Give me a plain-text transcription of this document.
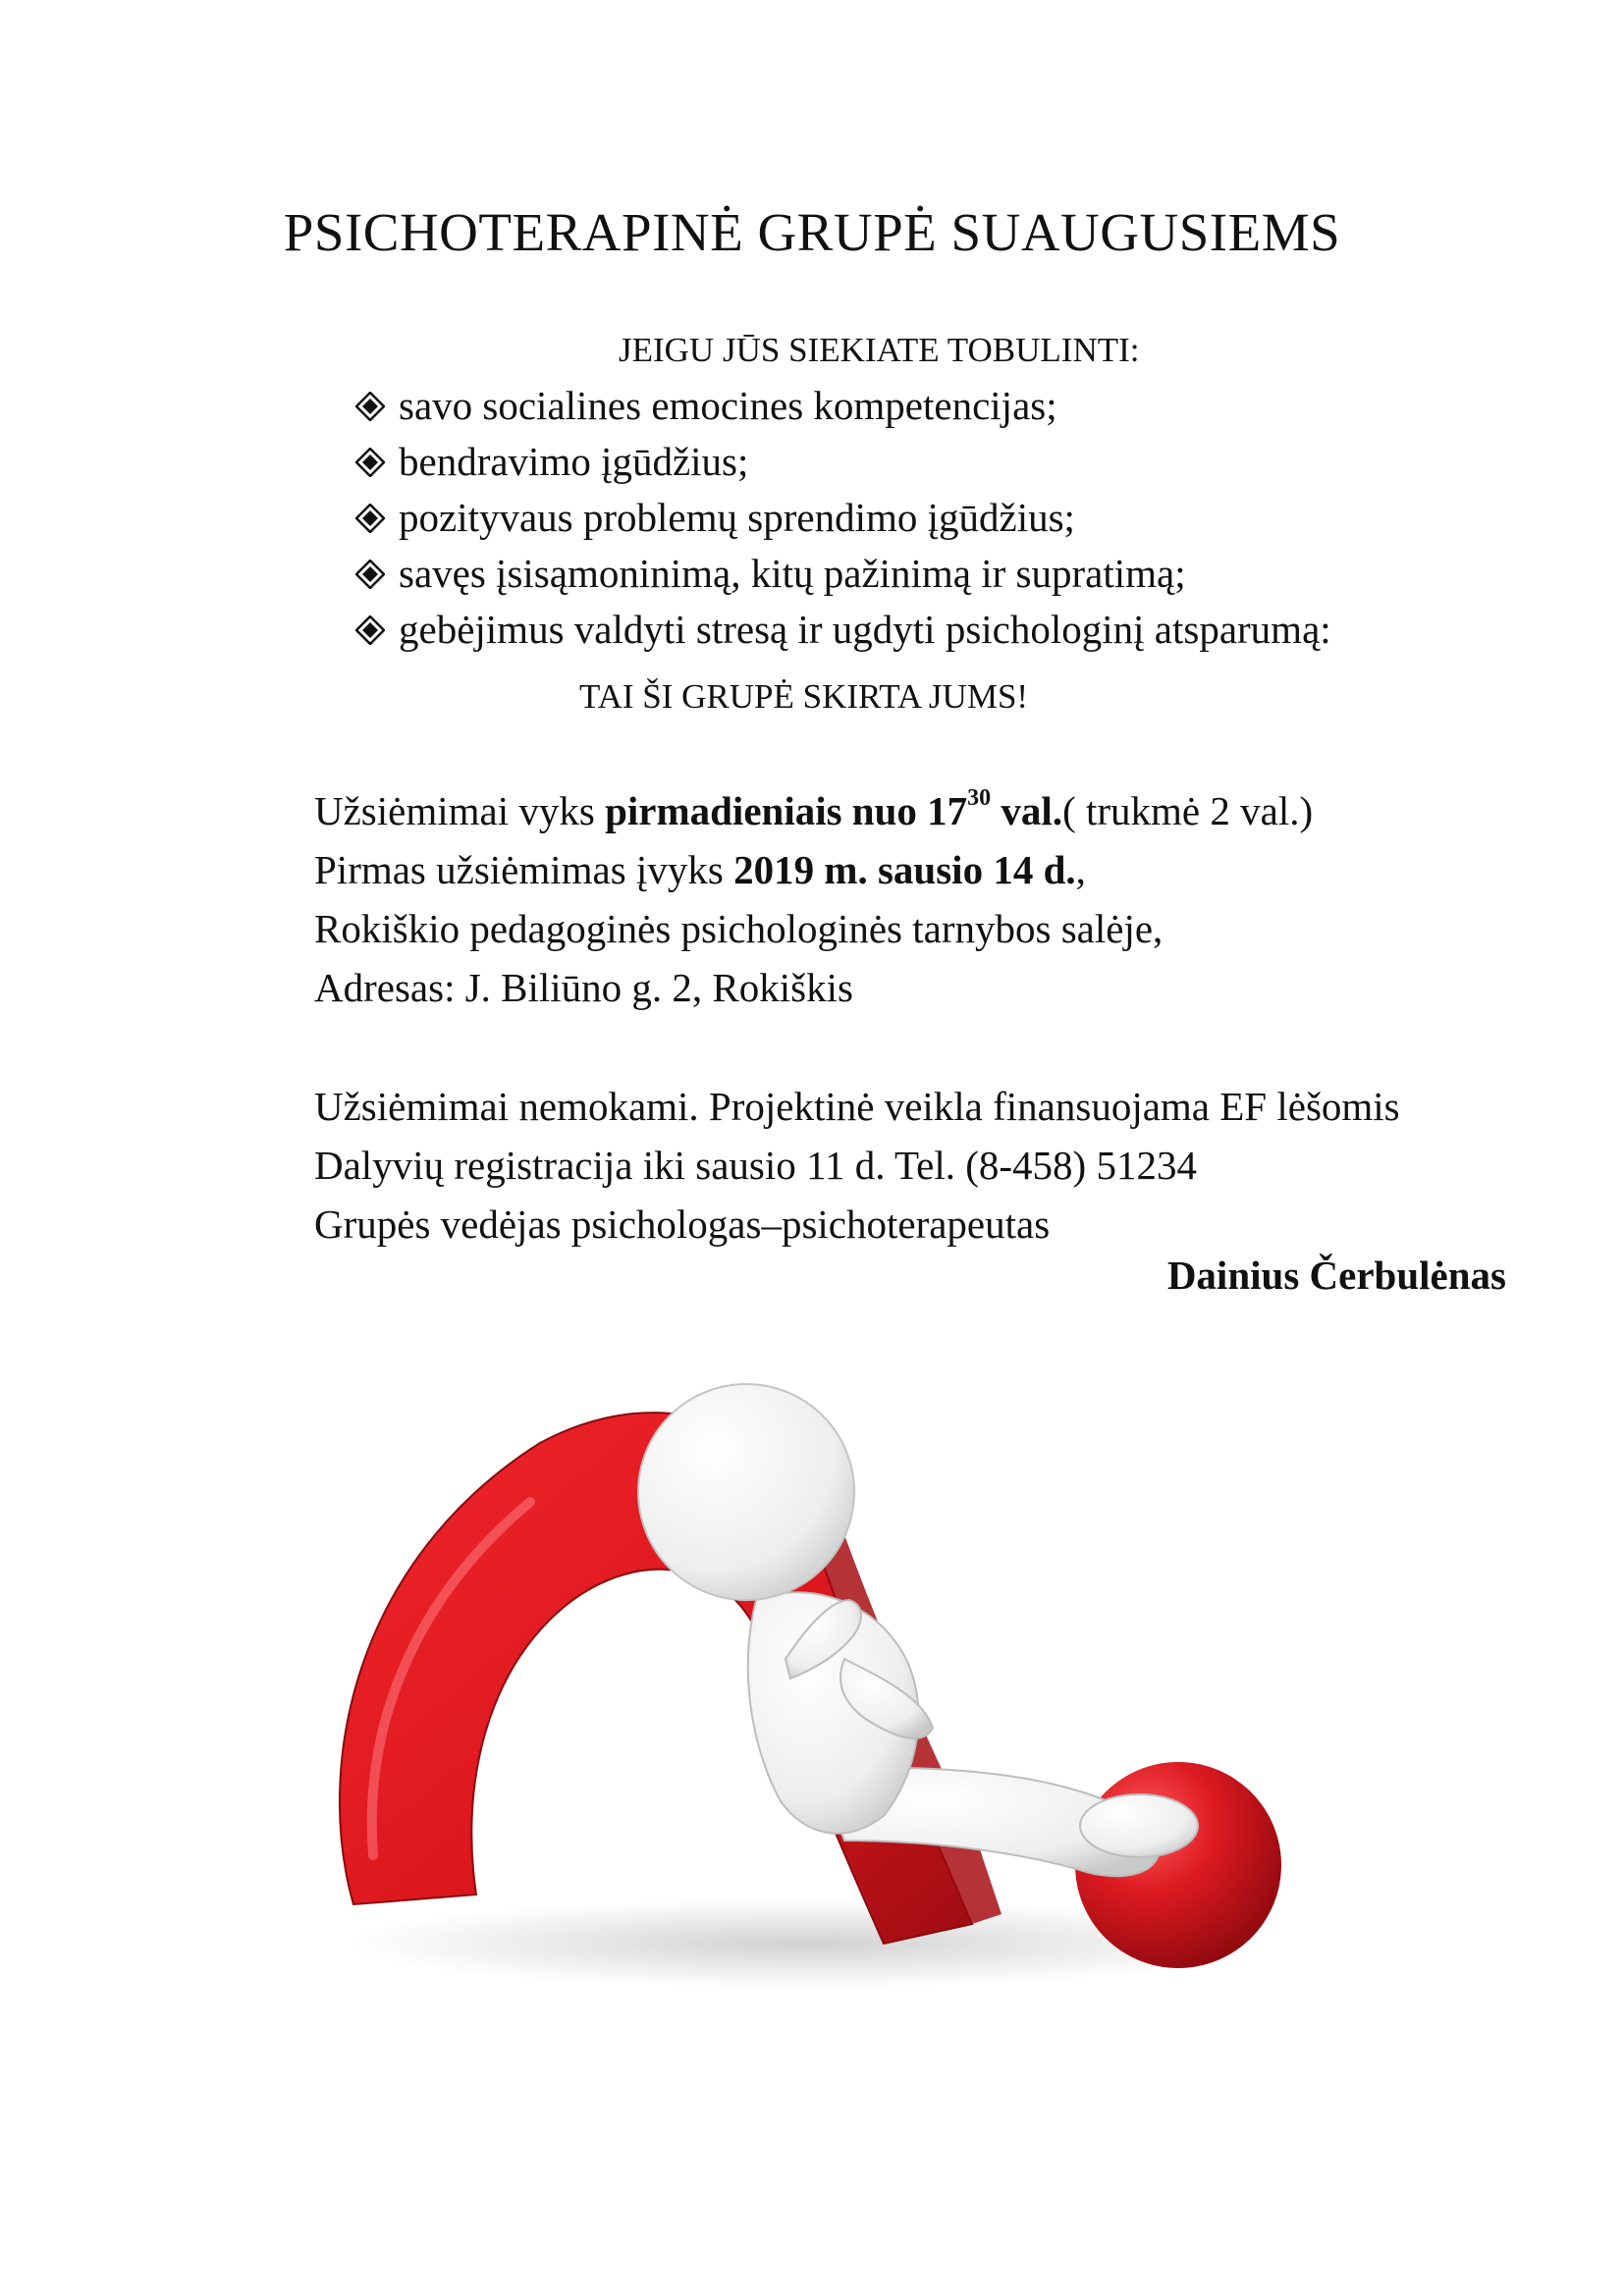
PSICHOTERAPINĖ GRUPĖ SUAUGUSIEMS

JEIGU JŪS SIEKIATE TOBULINTI:

savo socialines emocines kompetencijas;
bendravimo įgūdžius;
pozityvaus problemų sprendimo įgūdžius;
savęs įsisąmoninimą, kitų pažinimą ir supratimą;
gebėjimus valdyti stresą ir ugdyti psichologinį atsparumą:

TAI ŠI GRUPĖ SKIRTA JUMS!

Užsiėmimai vyks pirmadieniais nuo $17^{30}$ val.( trukmė 2 val.)

Pirmas užsiėmimas įvyks 2019 m. sausio 14 d.,

Rokiškio pedagoginės psichologinės tarnybos salėje,

Adresas: J. Biliūno g. 2, Rokiškis

Užsiėmimai nemokami. Projektinė veikla finansuojama EF lėšomis

Dalyvių registracija iki sausio 11 d. Tel. (8-458) 51234

Grupės vedėjas psichologas–psichoterapeutas

Dainius Čerbulėnas
